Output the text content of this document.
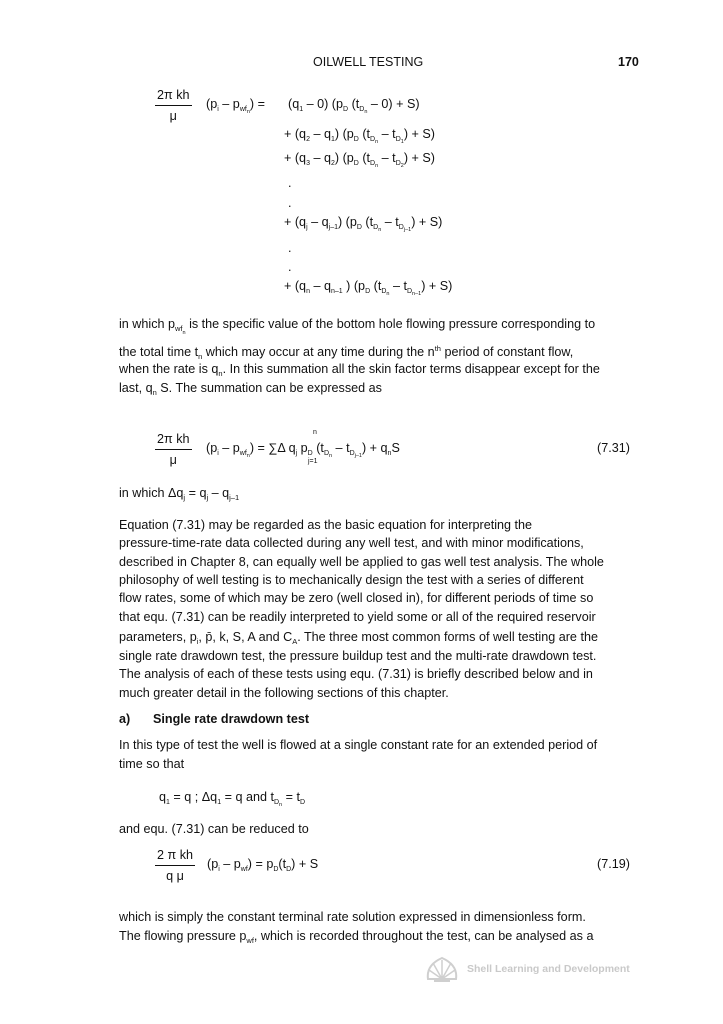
OILWELL TESTING	170
$\frac{\text{2π kh}}{\mu} (p_i - p_{wf_n}) = (q_1 - 0)$ ($p_D$ $(t_{D_n} - 0) + S$)
+ $(q_2 - q_1)$ ($p_D$ $(t_{D_n} - t_{D_1}) + S$)
+ $(q_3 - q_2)$ ($p_D$ $(t_{D_n} - t_{D_2}) + S$)
.
.
+ $(q_j - q_{j-1})$ ($p_D$ $(t_{D_n} - t_{D_{j-1}}) + S$)
.
.
+ ($q_n - q_{n-1}$ ) ($p_D$ $(t_{D_n} - t_{D_{n-1}}) + S$)
in which $p_{wf_n}$ is the specific value of the bottom hole flowing pressure corresponding to
the total time $t_n$ which may occur at any time during the $n^{th}$ period of constant flow,
when the rate is $q_n$. In this summation all the skin factor terms disappear except for the
last, $q_n$ S. The summation can be expressed as
$\frac{\text{2π kh}}{\mu} (p_i - p_{wf_n}) = \sum\Delta$ $q_j$ $p_D$ $(t_{D_n} - t_{D_{j-1}}) + q_nS$
n
j=1
(7.31)
in which $\Delta q_j = q_j - q_{j-1}$
Equation (7.31) may be regarded as the basic equation for interpreting the
pressure-time-rate data collected during any well test, and with minor modifications,
described in Chapter 8, can equally well be applied to gas well test analysis. The whole
philosophy of well testing is to mechanically design the test with a series of different
flow rates, some of which may be zero (well closed in), for different periods of time so
that equ. (7.31) can be readily interpreted to yield some or all of the required reservoir
parameters, $p_i$, p̄, k, S, A and $C_A$. The three most common forms of well testing are the
single rate drawdown test, the pressure buildup test and the multi-rate drawdown test.
The analysis of each of these tests using equ. (7.31) is briefly described below and in
much greater detail in the following sections of this chapter.
a) Single rate drawdown test
In this type of test the well is flowed at a single constant rate for an extended period of
time so that
$q_1 = q$ ; $\Delta q_1 = q$ and $t_{D_n} = t_D$
and equ. (7.31) can be reduced to
$\frac{\text{2 π kh}}{\text{q μ}} (p_i - p_{wf}) = p_D(t_D) + S$	(7.19)
which is simply the constant terminal rate solution expressed in dimensionless form.
The flowing pressure $p_{wf}$, which is recorded throughout the test, can be analysed as a
Shell Learning and Development
